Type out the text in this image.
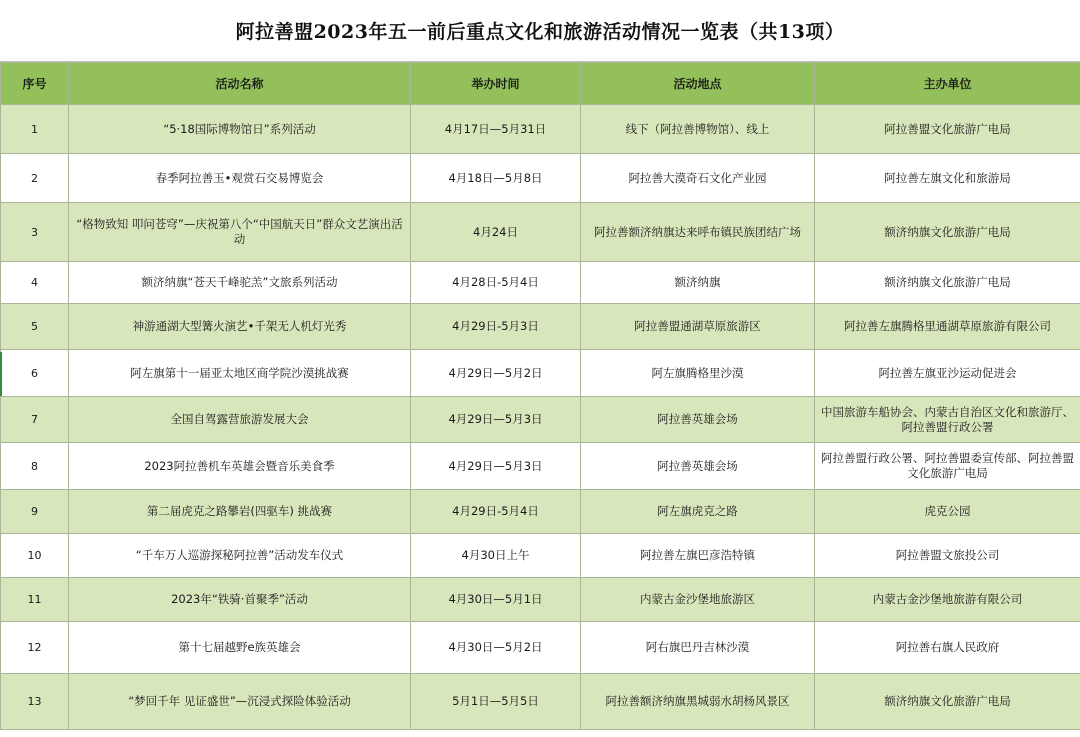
阿拉善盟2023年五一前后重点文化和旅游活动情况一览表（共13项）
序号	活动名称	举办时间	活动地点	主办单位
1	“5·18国际博物馆日”系列活动	4月17日—5月31日	线下（阿拉善博物馆）、线上	阿拉善盟文化旅游广电局
2	春季阿拉善玉•观赏石交易博览会	4月18日—5月8日	阿拉善大漠奇石文化产业园	阿拉善左旗文化和旅游局
3	“格物致知 叩问苍穹”—庆祝第八个“中国航天日”群众文艺演出活动	4月24日	阿拉善额济纳旗达来呼布镇民族团结广场	额济纳旗文化旅游广电局
4	额济纳旗“苍天千峰驼羔”文旅系列活动	4月28日-5月4日	额济纳旗	额济纳旗文化旅游广电局
5	神游通湖大型篝火演艺•千架无人机灯光秀	4月29日-5月3日	阿拉善盟通湖草原旅游区	阿拉善左旗腾格里通湖草原旅游有限公司
6	阿左旗第十一届亚太地区商学院沙漠挑战赛	4月29日—5月2日	阿左旗腾格里沙漠	阿拉善左旗亚沙运动促进会
7	全国自驾露营旅游发展大会	4月29日—5月3日	阿拉善英雄会场	中国旅游车船协会、内蒙古自治区文化和旅游厅、阿拉善盟行政公署
8	2023阿拉善机车英雄会暨音乐美食季	4月29日—5月3日	阿拉善英雄会场	阿拉善盟行政公署、阿拉善盟委宣传部、阿拉善盟文化旅游广电局
9	第二届虎克之路攀岩(四驱车) 挑战赛	4月29日-5月4日	阿左旗虎克之路	虎克公园
10	“千车万人巡游探秘阿拉善”活动发车仪式	4月30日上午	阿拉善左旗巴彦浩特镇	阿拉善盟文旅投公司
11	2023年“铁骑·首聚季”活动	4月30日—5月1日	内蒙古金沙堡地旅游区	内蒙古金沙堡地旅游有限公司
12	第十七届越野e族英雄会	4月30日—5月2日	阿右旗巴丹吉林沙漠	阿拉善右旗人民政府
13	“梦回千年 见证盛世”—沉浸式探险体验活动	5月1日—5月5日	阿拉善额济纳旗黑城弱水胡杨风景区	额济纳旗文化旅游广电局
